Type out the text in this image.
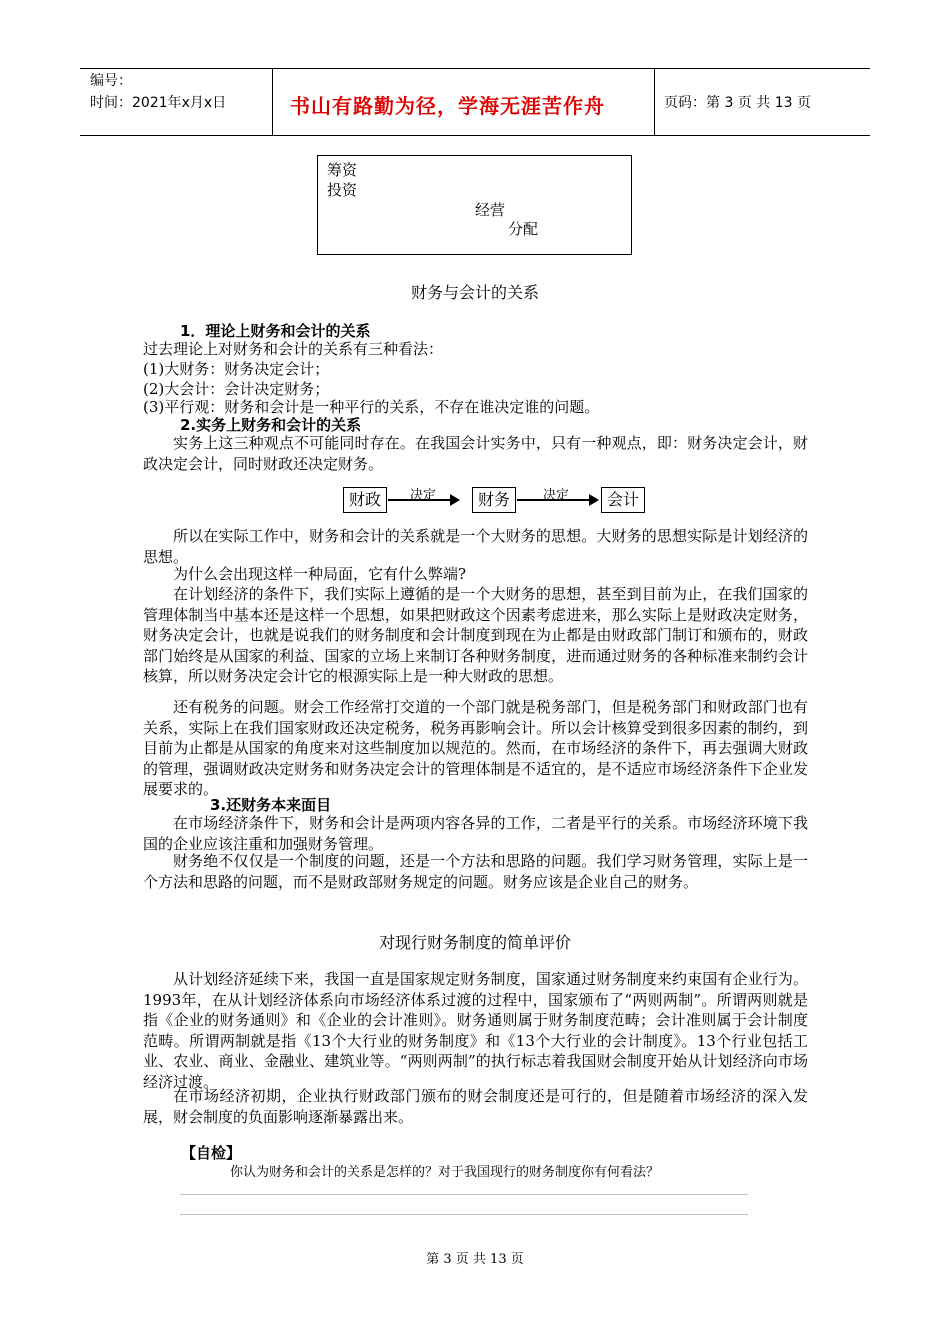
编号：
时间：2021年x月x日	书山有路勤为径，学海无涯苦作舟	页码：第 3 页 共 13 页
筹资
投资
经营
分配
财务与会计的关系
1．理论上财务和会计的关系

过去理论上对财务和会计的关系有三种看法：

(1)大财务：财务决定会计；

(2)大会计：会计决定财务；

(3)平行观：财务和会计是一种平行的关系，不存在谁决定谁的问题。

2.实务上财务和会计的关系

实务上这三种观点不可能同时存在。在我国会计实务中，只有一种观点，即：财务决定会计，财政决定会计，同时财政还决定财务。

财政	决定	财务	决定	会计

所以在实际工作中，财务和会计的关系就是一个大财务的思想。大财务的思想实际是计划经济的思想。

为什么会出现这样一种局面，它有什么弊端?

在计划经济的条件下，我们实际上遵循的是一个大财务的思想，甚至到目前为止，在我们国家的管理体制当中基本还是这样一个思想，如果把财政这个因素考虑进来，那么实际上是财政决定财务，财务决定会计，也就是说我们的财务制度和会计制度到现在为止都是由财政部门制订和颁布的，财政部门始终是从国家的利益、国家的立场上来制订各种财务制度，进而通过财务的各种标准来制约会计核算，所以财务决定会计它的根源实际上是一种大财政的思想。

还有税务的问题。财会工作经常打交道的一个部门就是税务部门，但是税务部门和财政部门也有关系，实际上在我们国家财政还决定税务，税务再影响会计。所以会计核算受到很多因素的制约，到目前为止都是从国家的角度来对这些制度加以规范的。然而，在市场经济的条件下，再去强调大财政的管理，强调财政决定财务和财务决定会计的管理体制是不适宜的，是不适应市场经济条件下企业发展要求的。

3.还财务本来面目

在市场经济条件下，财务和会计是两项内容各异的工作，二者是平行的关系。市场经济环境下我国的企业应该注重和加强财务管理。

财务绝不仅仅是一个制度的问题，还是一个方法和思路的问题。我们学习财务管理，实际上是一个方法和思路的问题，而不是财政部财务规定的问题。财务应该是企业自己的财务。

对现行财务制度的简单评价

从计划经济延续下来，我国一直是国家规定财务制度，国家通过财务制度来约束国有企业行为。1993年，在从计划经济体系向市场经济体系过渡的过程中，国家颁布了“两则两制”。所谓两则就是指《企业的财务通则》和《企业的会计准则》。财务通则属于财务制度范畴；会计准则属于会计制度范畴。所谓两制就是指《13个大行业的财务制度》和《13个大行业的会计制度》。13个行业包括工业、农业、商业、金融业、建筑业等。“两则两制”的执行标志着我国财会制度开始从计划经济向市场经济过渡。

在市场经济初期，企业执行财政部门颁布的财会制度还是可行的，但是随着市场经济的深入发展，财会制度的负面影响逐渐暴露出来。

【自检】
你认为财务和会计的关系是怎样的？对于我国现行的财务制度你有何看法？
第 3 页 共 13 页
